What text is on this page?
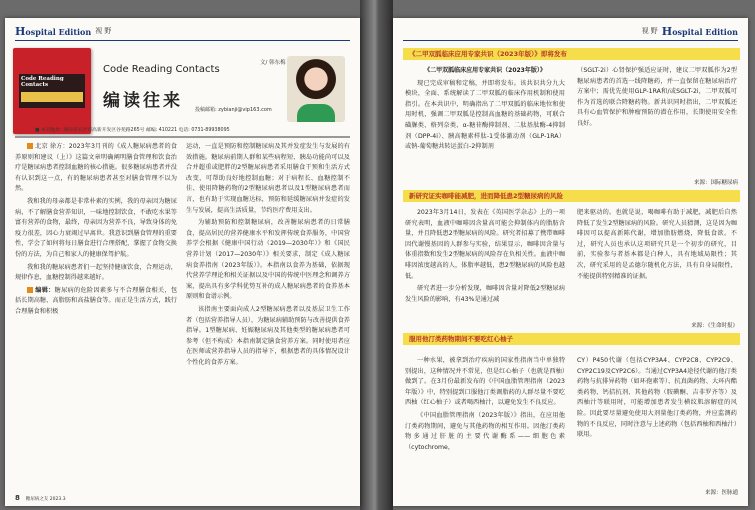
Hospital Edition 视 野
Code Reading Contacts
Code Reading Contacts
编读往来
文/ 韩东梅
投稿邮箱: zybianji@vip163.com
■ 本刊地址: 湖南省长沙市高新开发区谷苑路265号 邮编: 410221 电话: 0731-89938095

北京 徐方：2023年3月刊的《成人糖尿病患者的食养原则和建议（上）》这篇文章明确阐明膳食管理和饮食治疗是糖尿病患者控制血糖的核心措施。很多糖尿病患者并没有认识到这一点，有的糖尿病患者甚至对膳食管理不以为然。

我和我的母亲都是非常朴素的实例，我的母亲因为糖尿病，不了解膳食营养知识，一味地控制饮食，不敢吃水果等富有营养的食物，最终，母亲因为营养不良，导致身体的免疫力很差，因心力衰竭过早离世。我意识到膳食管理的重要性，学会了如何将每日膳食进行合理搭配，掌握了食物交换份的方法，为自己和家人的健康保驾护航。

我和我的糖尿病患者们一起坚持健康饮食，合理运动，规律作息，血糖控制得越来越好。

编辑：糖尿病的危险因素多与不合理膳食相关，包括长期高糖、高脂肪和高盐膳食等。而正是生活方式，践行合理膳食和积极

运动，一直是预防和控制糖尿病及其并发症发生与发展的有效措施。糖尿病前期人群和某些病程短、胰岛功能尚可以及合并超重或肥胖的2型糖尿病患者采用膳食干预和生活方式改变，可帮助良好地控制血糖；对于病程长、血糖控制不佳、使用降糖药物的2型糖尿病患者以及1型糖尿病患者而言，也有助于实现血糖达标，预防和延缓糖尿病并发症的发生与发展，提高生活质量，节约医疗费用支出。

为辅助预防和控制糖尿病，改善糖尿病患者的日常膳食，提高居民的营养健康水平和发挥传统食养服务，中国营养学会根据《健康中国行动（2019—2030年）》和《国民营养计划（2017—2030年）》相关要求，制定《成人糖尿病食养指南（2023年版）》。本指南以食养为基础，依据现代营养学理论和相关证据以及中国的传统中医理念和调养方案，提出具有多学科优势互补的成人糖尿病患者的食养基本原则和食谱示例。

该指南主要面向成人2型糖尿病患者以及基层卫生工作者（包括营养指导人员），为糖尿病辅助预防与改善提供食养指导。1型糖尿病、妊娠糖尿病及其他类型的糖尿病患者可参考（但不构成）本指南制定膳食营养方案。同时使用者应在医师或营养指导人员的指导下，根据患者的具体情况设计个性化的食养方案。

8 糖尿病之友 2023.3
视 野 Hospital Edition
《二甲双胍临床应用专家共识（2023年版）》即将发布
《二甲双胍临床应用专家共识（2023年版）》

现已完成审稿和定稿，并即将发布。该共识共分九大模块，全面、系统解读了二甲双胍的临床作用机制和使用指引。在本共识中，明确指出了二甲双胍的临床地位和使用时机，强调二甲双胍是控制高血糖的基础药物，可联合磺脲类、格列奈类、α-糖苷酶抑制剂、二肽基肽酶-4抑制剂（DPP-4i）、胰高糖素样肽-1受体激动剂（GLP-1RA）或钠-葡萄糖共转运蛋白-2抑制剂

（SGLT-2i）心肾保护强适应证时，建议二甲双胍作为2型糖尿病患者的首选一线降糖药，并一直保留在糖尿病治疗方案中；需优先使用GLP-1RA和/或SGLT-2i，二甲双胍可作为首选的联合降糖药物。新共识同时指出，二甲双胍还具有心血管保护和肿瘤预防的潜在作用，长期使用安全性良好。

来源：国际糖尿病
新研究证实咖啡能减肥，进而降低患2型糖尿病的风险

2023年3月14日，发表在《英国医学杂志》上的一项研究表明，血液中咖啡因含量高可能会抑制体内的脂肪含量，并且降低患2型糖尿病的风险。研究者招募了携带咖啡因代谢慢基因的人群参与实验，结果显示，咖啡因含量与体重指数和发生2型糖尿病的风险存在负相关性。血液中咖啡因浓度越高的人，体脂率越低，患2型糖尿病的风险也越低。

研究者进一步分析发现，咖啡因含量对降低2型糖尿病发生风险的影响，有43%是通过减

肥来驱动的。也就是说，喝咖啡有助于减肥，减肥后自然降低了发生2型糖尿病的风险。研究人员猜测，这是因为咖啡因可以提高新陈代谢，增加脂肪燃烧，降低食欲。不过，研究人员也承认这项研究只是一个初步的研究，目前，实验参与者基本都是白种人，具有地域局限性；其次，研究采用的是孟德尔随机化方法，具有自身局限性，不能提供特别精准的证据。

来源：《生命时报》
服用他汀类药物期间不要吃红心柚子

一种水果，被拿到治疗疾病的国家性指南当中单独特别提出，这种情况并不常见，但是红心柚子（也就是西柚）做到了。在3月份最新发布的《中国血脂管理指南（2023年版）》中，特别提到口服他汀类调脂药的人群尽量不要吃西柚（红心柚子）或者喝西柚汁，以避免发生不良反应。

《中国血脂管理指南（2023年版）》指出，在应用他汀类药物期间，避免与其他药物的相互作用。因他汀类药物多通过肝脏的主要代谢酶系——细胞色素（cytochrome，

CY）P450代谢（包括CYP3A4、CYP2C8、CYP2C9、CYP2C19及CYP2C6）。当通过CYP3A4途径代谢的他汀类药物与抗排异药物（如环孢素等）、抗真菌药物、大环内酯类药物、钙拮抗剂、其他药物（胺碘酮、吉非罗齐等）及西柚汁等联用时，可能增加患者发生横纹肌溶解症的风险。因此要尽量避免使用大剂量他汀类药物，并应监测药物的不良反应，同时注意与上述药物（包括西柚和西柚汁）联用。

来源：医脉通
